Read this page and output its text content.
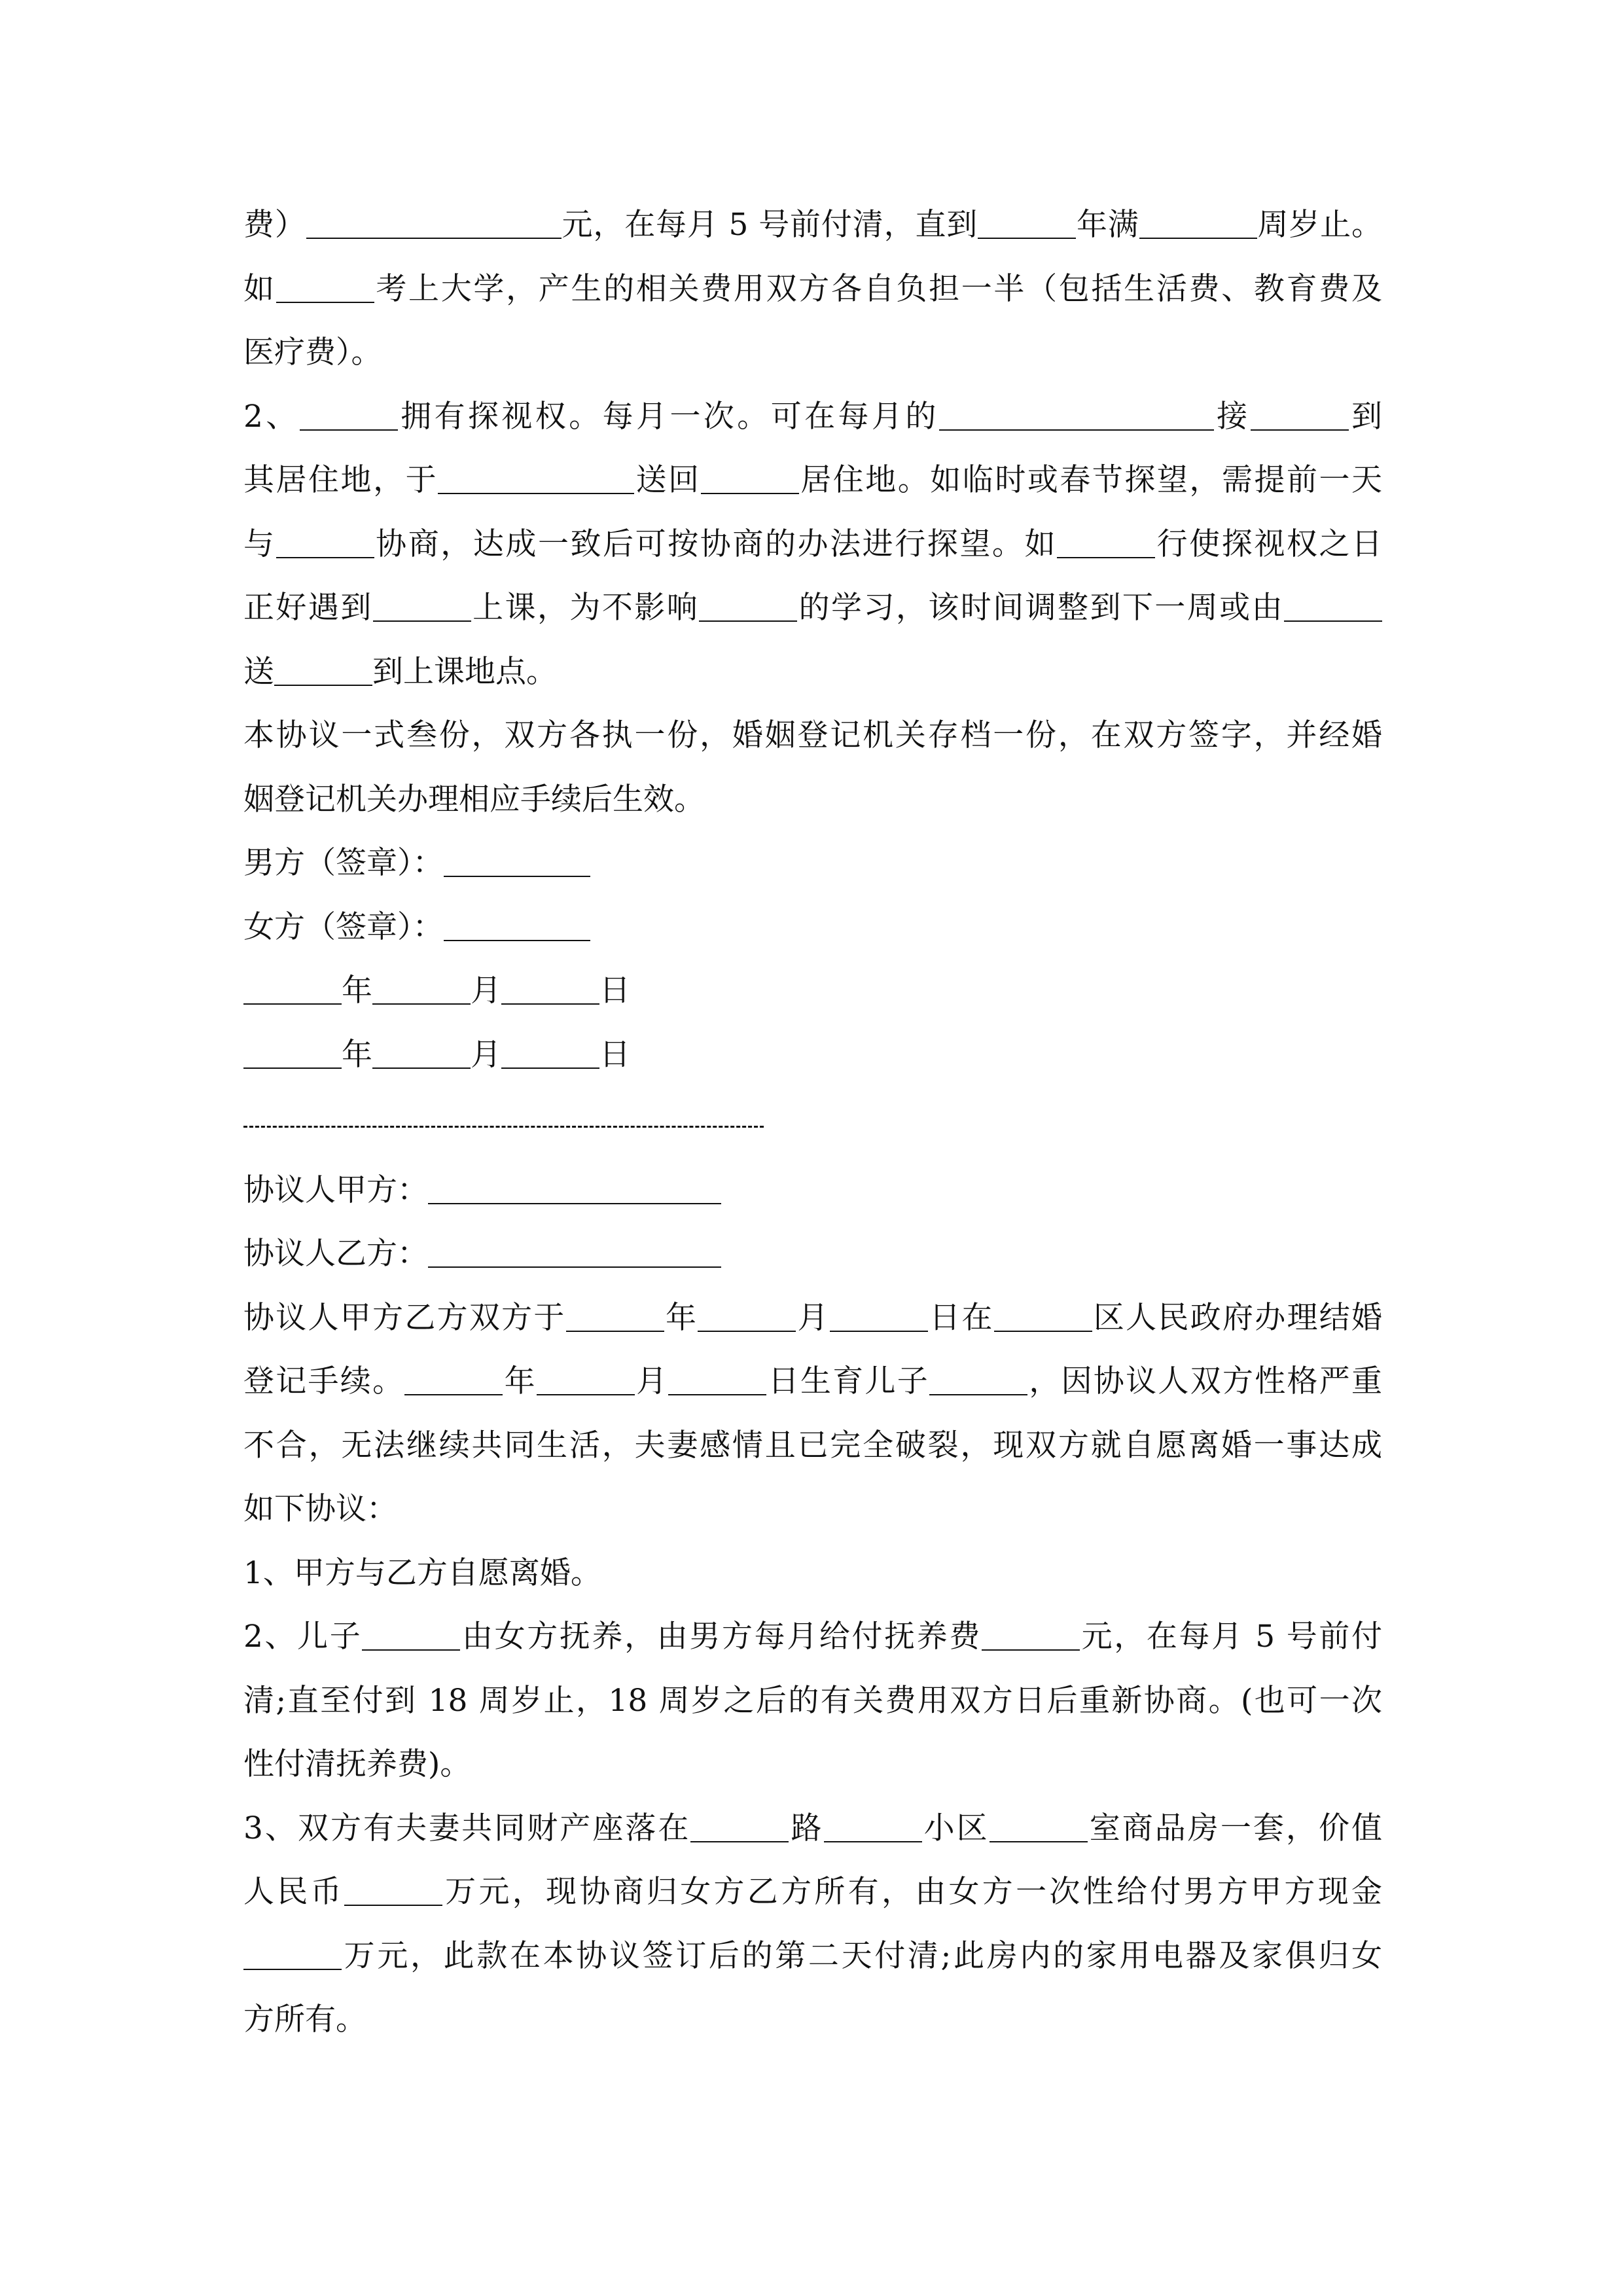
费）	元，在每月 5 号前付清，直到	年满	周岁止。
如	考上大学，产生的相关费用双方各自负担一半（包括生活费、教育费及
医疗费）。
2、	拥有探视权。每月一次。可在每月的	接	到
其居住地，于	送回	居住地。如临时或春节探望，需提前一天
与	协商，达成一致后可按协商的办法进行探望。如	行使探视权之日
正好遇到	上课，为不影响	的学习，该时间调整到下一周或由
送	到上课地点。
本协议一式叁份，双方各执一份，婚姻登记机关存档一份，在双方签字，并经婚
姻登记机关办理相应手续后生效。
男方（签章）：
女方（签章）：
年	月	日
年	月	日
协议人甲方：
协议人乙方：
协议人甲方乙方双方于	年	月	日在	区人民政府办理结婚
登记手续。	年	月	日生育儿子	，因协议人双方性格严重
不合，无法继续共同生活，夫妻感情且已完全破裂，现双方就自愿离婚一事达成
如下协议：
1、甲方与乙方自愿离婚。
2、儿子	由女方抚养，由男方每月给付抚养费	元，在每月 5 号前付
清;直至付到 18 周岁止，18 周岁之后的有关费用双方日后重新协商。(也可一次
性付清抚养费)。
3、双方有夫妻共同财产座落在	路	小区	室商品房一套，价值
人民币	万元，现协商归女方乙方所有，由女方一次性给付男方甲方现金
万元，此款在本协议签订后的第二天付清;此房内的家用电器及家俱归女
方所有。
